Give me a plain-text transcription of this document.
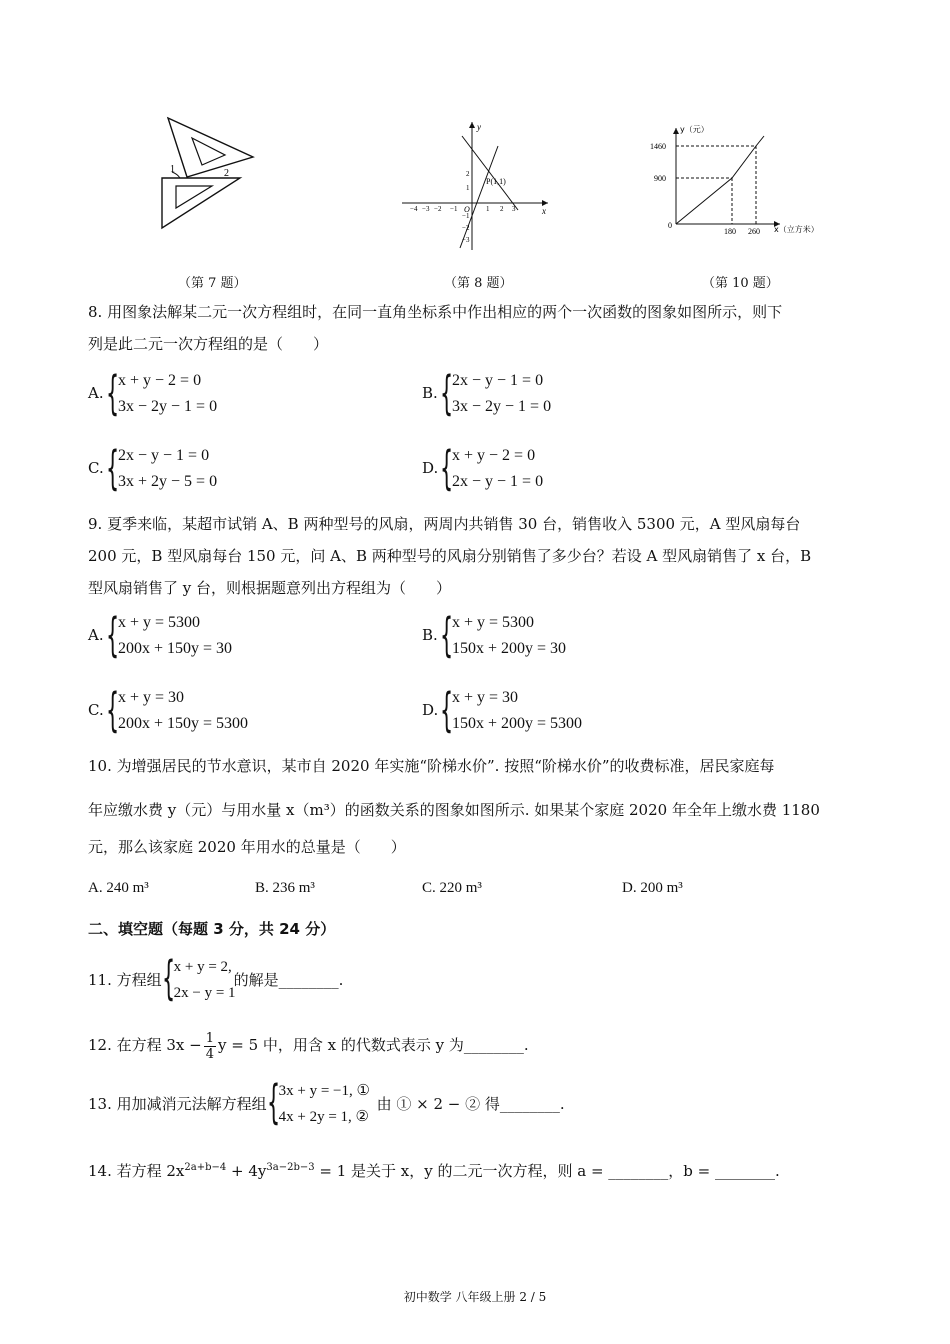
1	2
x
y
O
P(1,1)
−4 −3 −2 −1	1 2 3
2
1
−1
−2
−3
y（元）
x（立方米）
0
1460
900
180 260
（第 7 题）	（第 8 题）	（第 10 题）
8. 用图象法解某二元一次方程组时，在同一直角坐标系中作出相应的两个一次函数的图象如图所示，则下
列是此二元一次方程组的是（　　）
A. {
x + y − 2 = 0
3x − 2y − 1 = 0
B. {
2x − y − 1 = 0
3x − 2y − 1 = 0
C. {
2x − y − 1 = 0
3x + 2y − 5 = 0
D. {
x + y − 2 = 0
2x − y − 1 = 0
9. 夏季来临，某超市试销 A、B 两种型号的风扇，两周内共销售 30 台，销售收入 5300 元，A 型风扇每台
200 元，B 型风扇每台 150 元，问 A、B 两种型号的风扇分别销售了多少台？若设 A 型风扇销售了 x 台，B
型风扇销售了 y 台，则根据题意列出方程组为（　　）
A. {
x + y = 5300
200x + 150y = 30
B. {
x + y = 5300
150x + 200y = 30
C. {
x + y = 30
200x + 150y = 5300
D. {
x + y = 30
150x + 200y = 5300
10. 为增强居民的节水意识，某市自 2020 年实施“阶梯水价”. 按照“阶梯水价”的收费标准，居民家庭每
年应缴水费 y（元）与用水量 x（m³）的函数关系的图象如图所示. 如果某个家庭 2020 年全年上缴水费 1180
元，那么该家庭 2020 年用水的总量是（　　）
A. 240 m³	B. 236 m³	C. 220 m³	D. 200 m³
二、填空题（每题 3 分，共 24 分）
11. 方程组 {
x + y = 2,
2x − y = 1
的解是________.
12. 在方程 $3x - \frac{1}{4}$ y = 5 中，用含 x 的代数式表示 y 为________.
13. 用加减消元法解方程组 {
3x + y = −1, ①
4x + 2y = 1, ②
由 ① × 2 − ② 得________.
14. 若方程 $2x^{2a+b-4} + 4y^{3a-2b-3} = 1$ 是关于 x，y 的二元一次方程，则 a = ________，b = ________.
初中数学 八年级上册 2 / 5
